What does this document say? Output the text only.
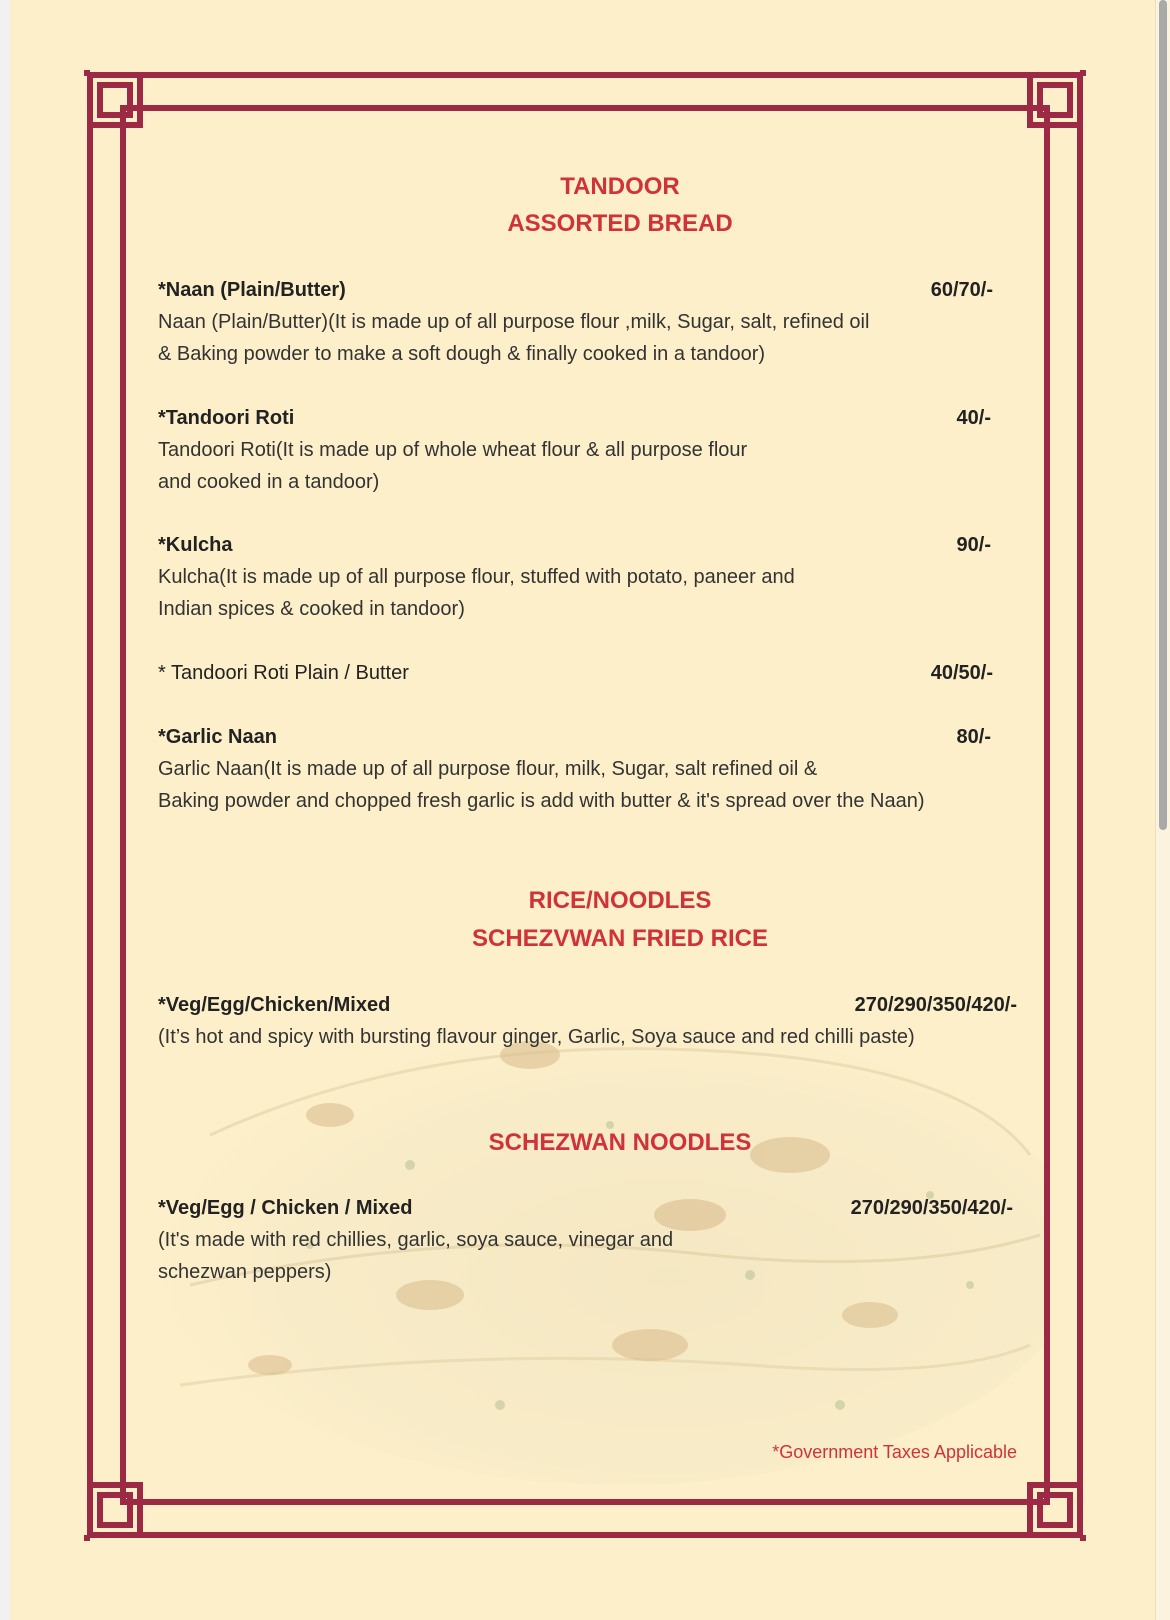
TANDOOR
ASSORTED BREAD
*Naan (Plain/Butter)	60/70/-
Naan (Plain/Butter)(It is made up of all purpose flour ,milk, Sugar, salt, refined oil
& Baking powder to make a soft dough & finally cooked in a tandoor)
*Tandoori Roti	40/-
Tandoori Roti(It is made up of whole wheat flour & all purpose flour
and cooked in a tandoor)
*Kulcha	90/-
Kulcha(It is made up of all purpose flour, stuffed with potato, paneer and
Indian spices & cooked in tandoor)
* Tandoori Roti Plain / Butter	40/50/-
*Garlic Naan	80/-
Garlic Naan(It is made up of all purpose flour, milk, Sugar, salt refined oil &
Baking powder and chopped fresh garlic is add with butter & it's spread over the Naan)
RICE/NOODLES
SCHEZVWAN FRIED RICE
*Veg/Egg/Chicken/Mixed	270/290/350/420/-
(It’s hot and spicy with bursting flavour ginger, Garlic, Soya sauce and red chilli paste)
SCHEZWAN NOODLES
*Veg/Egg / Chicken / Mixed	270/290/350/420/-
(It's made with red chillies, garlic, soya sauce, vinegar and
schezwan peppers)
*Government Taxes Applicable
